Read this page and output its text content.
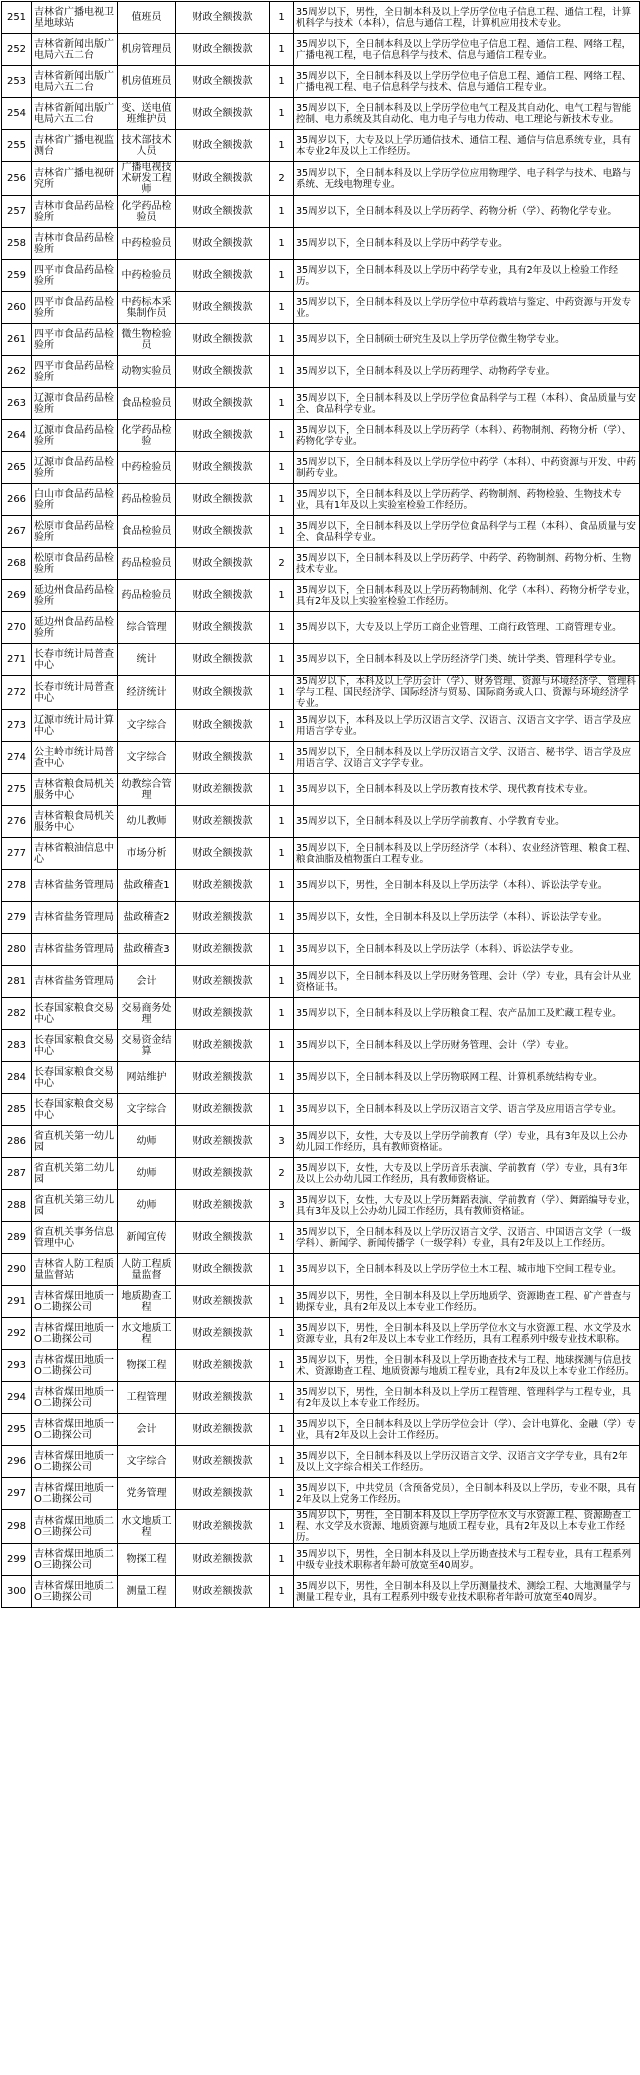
251	吉林省广播电视卫星地球站	值班员	财政全额拨款	1	35周岁以下，男性，全日制本科及以上学历学位电子信息工程、通信工程，计算机科学与技术（本科），信息与通信工程，计算机应用技术专业。
252	吉林省新闻出版广电局六五二台	机房管理员	财政全额拨款	1	35周岁以下，全日制本科及以上学历学位电子信息工程、通信工程、网络工程，广播电视工程，电子信息科学与技术、信息与通信工程专业。
253	吉林省新闻出版广电局六五二台	机房值班员	财政全额拨款	1	35周岁以下，全日制本科及以上学历学位电子信息工程、通信工程、网络工程、广播电视工程、电子信息科学与技术、信息与通信工程专业。
254	吉林省新闻出版广电局六五二台	变、送电值班维护员	财政全额拨款	1	35周岁以下，全日制本科及以上学历学位电气工程及其自动化、电气工程与智能控制、电力系统及其自动化、电力电子与电力传动、电工理论与新技术专业。
255	吉林省广播电视监测台	技术部技术人员	财政全额拨款	1	35周岁以下，大专及以上学历通信技术、通信工程、通信与信息系统专业，具有本专业2年及以上工作经历。
256	吉林省广播电视研究所	广播电视技术研发工程师	财政全额拨款	2	35周岁以下，全日制本科及以上学历学位应用物理学、电子科学与技术、电路与系统、无线电物理专业。
257	吉林市食品药品检验所	化学药品检验员	财政全额拨款	1	35周岁以下，全日制本科及以上学历药学、药物分析（学）、药物化学专业。
258	吉林市食品药品检验所	中药检验员	财政全额拨款	1	35周岁以下，全日制本科及以上学历中药学专业。
259	四平市食品药品检验所	中药检验员	财政全额拨款	1	35周岁以下，全日制本科及以上学历中药学专业，具有2年及以上检验工作经历。
260	四平市食品药品检验所	中药标本采集制作员	财政全额拨款	1	35周岁以下，全日制本科及以上学历学位中草药栽培与鉴定、中药资源与开发专业。
261	四平市食品药品检验所	微生物检验员	财政全额拨款	1	35周岁以下，全日制硕士研究生及以上学历学位微生物学专业。
262	四平市食品药品检验所	动物实验员	财政全额拨款	1	35周岁以下，全日制本科及以上学历药理学、动物药学专业。
263	辽源市食品药品检验所	食品检验员	财政全额拨款	1	35周岁以下，全日制本科及以上学历学位食品科学与工程（本科）、食品质量与安全、食品科学专业。
264	辽源市食品药品检验所	化学药品检验	财政全额拨款	1	35周岁以下，全日制本科及以上学历药学（本科）、药物制剂、药物分析（学）、药物化学专业。
265	辽源市食品药品检验所	中药检验员	财政全额拨款	1	35周岁以下，全日制本科及以上学历学位中药学（本科）、中药资源与开发、中药制药专业。
266	白山市食品药品检验所	药品检验员	财政全额拨款	1	35周岁以下，全日制本科及以上学历药学、药物制剂、药物检验、生物技术专业，具有1年及以上实验室检验工作经历。
267	松原市食品药品检验所	食品检验员	财政全额拨款	1	35周岁以下，全日制本科及以上学历学位食品科学与工程（本科）、食品质量与安全、食品科学专业。
268	松原市食品药品检验所	药品检验员	财政全额拨款	2	35周岁以下，全日制本科及以上学历药学、中药学、药物制剂、药物分析、生物技术专业。
269	延边州食品药品检验所	药品检验员	财政全额拨款	1	35周岁以下，全日制本科及以上学历药物制剂、化学（本科）、药物分析学专业，具有2年及以上实验室检验工作经历。
270	延边州食品药品检验所	综合管理	财政全额拨款	1	35周岁以下，大专及以上学历工商企业管理、工商行政管理、工商管理专业。
271	长春市统计局普查中心	统计	财政全额拨款	1	35周岁以下，全日制本科及以上学历经济学门类、统计学类、管理科学专业。
272	长春市统计局普查中心	经济统计	财政全额拨款	1	35周岁以下，本科及以上学历会计（学）、财务管理、资源与环境经济学、管理科学与工程、国民经济学、国际经济与贸易、国际商务或人口、资源与环境经济学专业。
273	辽源市统计局计算中心	文字综合	财政全额拨款	1	35周岁以下，本科及以上学历汉语言文学、汉语言、汉语言文字学、语言学及应用语言学专业。
274	公主岭市统计局普查中心	文字综合	财政全额拨款	1	35周岁以下，全日制本科及以上学历汉语言文学、汉语言、秘书学、语言学及应用语言学、汉语言文字学专业。
275	吉林省粮食局机关服务中心	幼教综合管理	财政差额拨款	1	35周岁以下，全日制本科及以上学历教育技术学、现代教育技术专业。
276	吉林省粮食局机关服务中心	幼儿教师	财政差额拨款	1	35周岁以下，全日制本科及以上学历学前教育、小学教育专业。
277	吉林省粮油信息中心	市场分析	财政全额拨款	1	35周岁以下，全日制本科及以上学历经济学（本科）、农业经济管理、粮食工程、粮食油脂及植物蛋白工程专业。
278	吉林省盐务管理局	盐政稽查1	财政差额拨款	1	35周岁以下，男性，全日制本科及以上学历法学（本科）、诉讼法学专业。
279	吉林省盐务管理局	盐政稽查2	财政差额拨款	1	35周岁以下，女性，全日制本科及以上学历法学（本科）、诉讼法学专业。
280	吉林省盐务管理局	盐政稽查3	财政差额拨款	1	35周岁以下，全日制本科及以上学历法学（本科）、诉讼法学专业。
281	吉林省盐务管理局	会计	财政差额拨款	1	35周岁以下，全日制本科及以上学历财务管理、会计（学）专业，具有会计从业资格证书。
282	长春国家粮食交易中心	交易商务处理	财政差额拨款	1	35周岁以下，全日制本科及以上学历粮食工程、农产品加工及贮藏工程专业。
283	长春国家粮食交易中心	交易资金结算	财政差额拨款	1	35周岁以下，全日制本科及以上学历财务管理、会计（学）专业。
284	长春国家粮食交易中心	网站维护	财政差额拨款	1	35周岁以下，全日制本科及以上学历物联网工程、计算机系统结构专业。
285	长春国家粮食交易中心	文字综合	财政差额拨款	1	35周岁以下，全日制本科及以上学历汉语言文学、语言学及应用语言学专业。
286	省直机关第一幼儿园	幼师	财政差额拨款	3	35周岁以下，女性，大专及以上学历学前教育（学）专业，具有3年及以上公办幼儿园工作经历，具有教师资格证。
287	省直机关第二幼儿园	幼师	财政差额拨款	2	35周岁以下，女性，大专及以上学历音乐表演、学前教育（学）专业，具有3年及以上公办幼儿园工作经历，具有教师资格证。
288	省直机关第三幼儿园	幼师	财政差额拨款	3	35周岁以下，女性，大专及以上学历舞蹈表演、学前教育（学）、舞蹈编导专业，具有3年及以上公办幼儿园工作经历，具有教师资格证。
289	省直机关事务信息管理中心	新闻宣传	财政全额拨款	1	35周岁以下，全日制本科及以上学历汉语言文学、汉语言、中国语言文学（一级学科）、新闻学、新闻传播学（一级学科）专业，具有2年及以上工作经历。
290	吉林省人防工程质量监督站	人防工程质量监督	财政全额拨款	1	35周岁以下，全日制本科及以上学历学位土木工程、城市地下空间工程专业。
291	吉林省煤田地质一O二勘探公司	地质勘查工程	财政差额拨款	1	35周岁以下，男性，全日制本科及以上学历地质学、资源勘查工程、矿产普查与勘探专业，具有2年及以上本专业工作经历。
292	吉林省煤田地质一O二勘探公司	水文地质工程	财政差额拨款	1	35周岁以下，男性，全日制本科及以上学历学位水文与水资源工程、水文学及水资源专业，具有2年及以上本专业工作经历，具有工程系列中级专业技术职称。
293	吉林省煤田地质一O二勘探公司	物探工程	财政差额拨款	1	35周岁以下，男性，全日制本科及以上学历勘查技术与工程、地球探测与信息技术、资源勘查工程、地质资源与地质工程专业，具有2年及以上本专业工作经历。
294	吉林省煤田地质一O二勘探公司	工程管理	财政差额拨款	1	35周岁以下，男性，全日制本科及以上学历工程管理、管理科学与工程专业，具有2年及以上本专业工作经历。
295	吉林省煤田地质一O二勘探公司	会计	财政差额拨款	1	35周岁以下，全日制本科及以上学历学位会计（学）、会计电算化、金融（学）专业，具有2年及以上会计工作经历。
296	吉林省煤田地质一O二勘探公司	文字综合	财政差额拨款	1	35周岁以下，全日制本科及以上学历汉语言文学、汉语言文字学专业，具有2年及以上文字综合相关工作经历。
297	吉林省煤田地质一O二勘探公司	党务管理	财政差额拨款	1	35周岁以下，中共党员（含预备党员），全日制本科及以上学历，专业不限，具有2年及以上党务工作经历。
298	吉林省煤田地质二O三勘探公司	水文地质工程	财政差额拨款	1	35周岁以下，男性，全日制本科及以上学历学位水文与水资源工程、资源勘查工程、水文学及水资源、地质资源与地质工程专业，具有2年及以上本专业工作经历。
299	吉林省煤田地质二O三勘探公司	物探工程	财政差额拨款	1	35周岁以下，男性，全日制本科及以上学历勘查技术与工程专业，具有工程系列中级专业技术职称者年龄可放宽至40周岁。
300	吉林省煤田地质二O三勘探公司	测量工程	财政差额拨款	1	35周岁以下，男性，全日制本科及以上学历测量技术、测绘工程、大地测量学与测量工程专业，具有工程系列中级专业技术职称者年龄可放宽至40周岁。
